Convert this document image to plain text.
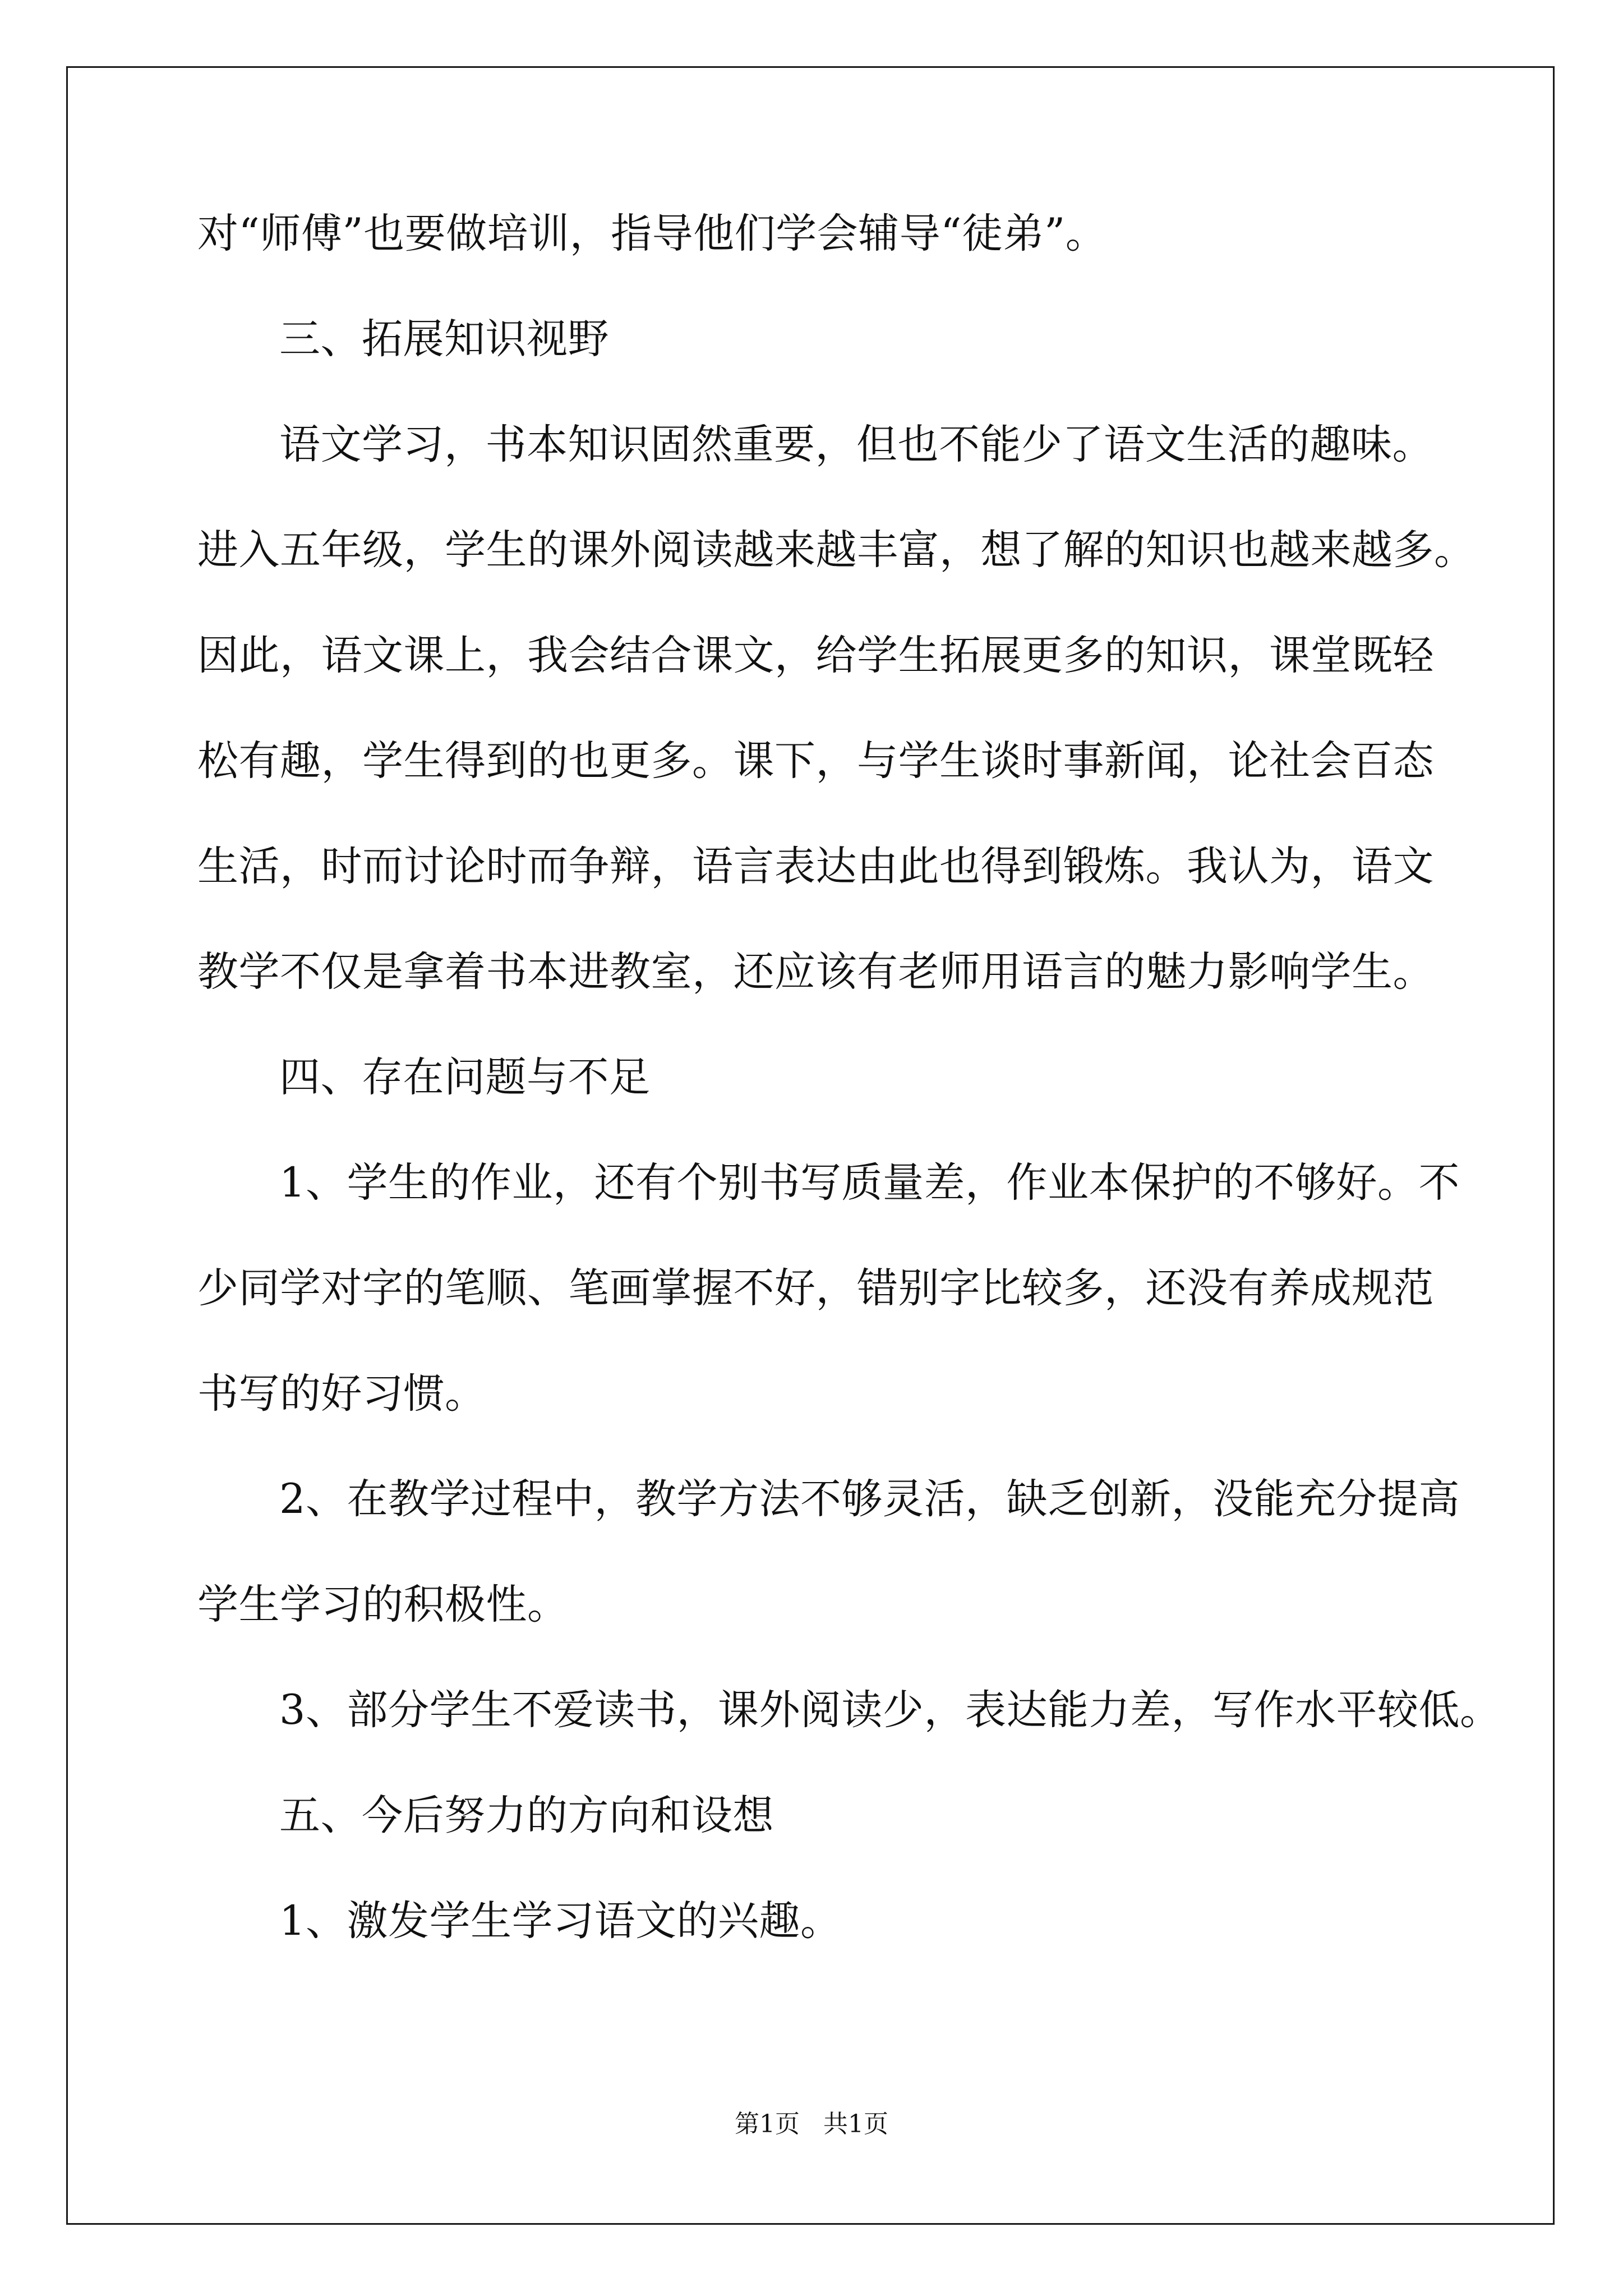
对“师傅”也要做培训，指导他们学会辅导“徒弟”。
三、拓展知识视野
语文学习，书本知识固然重要，但也不能少了语文生活的趣味。
进入五年级，学生的课外阅读越来越丰富，想了解的知识也越来越多。
因此，语文课上，我会结合课文，给学生拓展更多的知识，课堂既轻
松有趣，学生得到的也更多。课下，与学生谈时事新闻，论社会百态
生活，时而讨论时而争辩，语言表达由此也得到锻炼。我认为，语文
教学不仅是拿着书本进教室，还应该有老师用语言的魅力影响学生。
四、存在问题与不足
1、学生的作业，还有个别书写质量差，作业本保护的不够好。不
少同学对字的笔顺、笔画掌握不好，错别字比较多，还没有养成规范
书写的好习惯。
2、在教学过程中，教学方法不够灵活，缺乏创新，没能充分提高
学生学习的积极性。
3、部分学生不爱读书，课外阅读少，表达能力差，写作水平较低。
五、今后努力的方向和设想
1、激发学生学习语文的兴趣。
第1页   共1页
